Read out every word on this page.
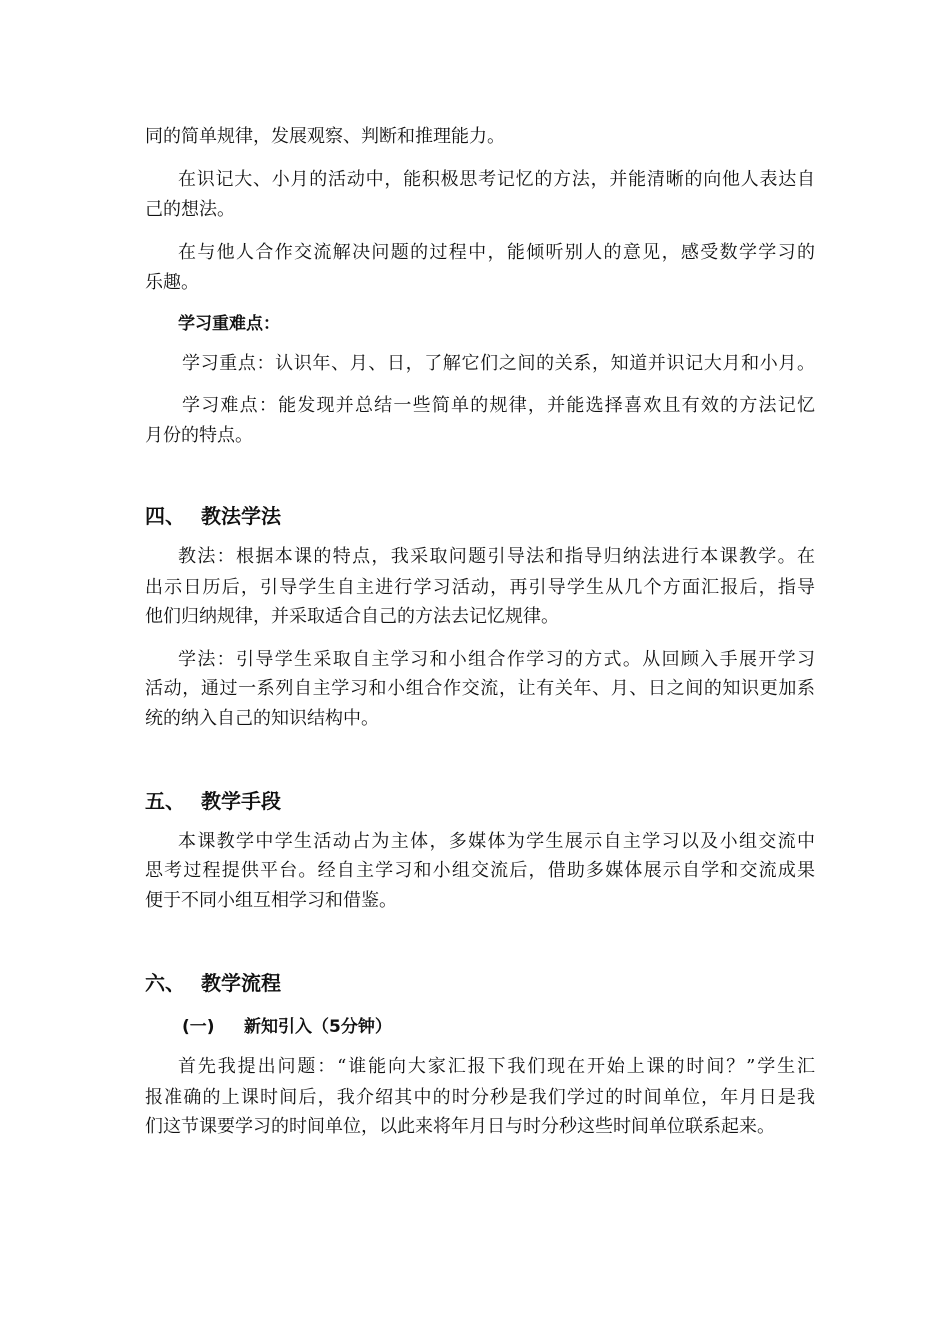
同的简单规律，发展观察、判断和推理能力。
在识记大、小月的活动中，能积极思考记忆的方法，并能清晰的向他人表达自
己的想法。
在与他人合作交流解决问题的过程中，能倾听别人的意见，感受数学学习的
乐趣。
学习重难点：
学习重点：认识年、月、日，了解它们之间的关系，知道并识记大月和小月。
学习难点：能发现并总结一些简单的规律，并能选择喜欢且有效的方法记忆
月份的特点。
四、 教法学法
教法：根据本课的特点，我采取问题引导法和指导归纳法进行本课教学。在
出示日历后，引导学生自主进行学习活动，再引导学生从几个方面汇报后，指导
他们归纳规律，并采取适合自己的方法去记忆规律。
学法：引导学生采取自主学习和小组合作学习的方式。从回顾入手展开学习
活动，通过一系列自主学习和小组合作交流，让有关年、月、日之间的知识更加系
统的纳入自己的知识结构中。
五、 教学手段
本课教学中学生活动占为主体，多媒体为学生展示自主学习以及小组交流中
思考过程提供平台。经自主学习和小组交流后，借助多媒体展示自学和交流成果
便于不同小组互相学习和借鉴。
六、 教学流程
(一) 新知引入（5分钟）
首先我提出问题：“谁能向大家汇报下我们现在开始上课的时间？”学生汇
报准确的上课时间后，我介绍其中的时分秒是我们学过的时间单位，年月日是我
们这节课要学习的时间单位，以此来将年月日与时分秒这些时间单位联系起来。
